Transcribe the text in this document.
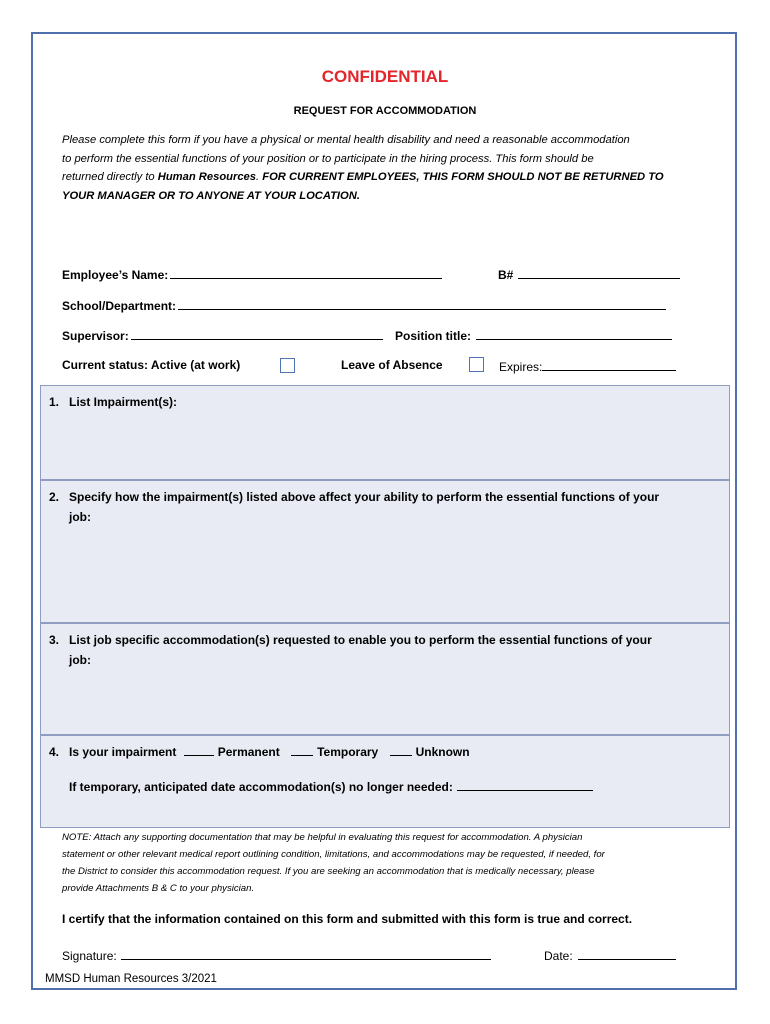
CONFIDENTIAL
REQUEST FOR ACCOMMODATION
Please complete this form if you have a physical or mental health disability and need a reasonable accommodation
to perform the essential functions of your position or to participate in the hiring process. This form should be
returned directly to Human Resources. FOR CURRENT EMPLOYEES, THIS FORM SHOULD NOT BE RETURNED TO
YOUR MANAGER OR TO ANYONE AT YOUR LOCATION.
Employee’s Name:	B#
School/Department:
Supervisor:	Position title:
Current status: Active (at work)	Leave of Absence	Expires:
1. List Impairment(s):
2. Specify how the impairment(s) listed above affect your ability to perform the essential functions of your
job:
3. List job specific accommodation(s) requested to enable you to perform the essential functions of your
job:
4. Is your impairment	Permanent	Temporary	Unknown
If temporary, anticipated date accommodation(s) no longer needed:
NOTE: Attach any supporting documentation that may be helpful in evaluating this request for accommodation. A physician
statement or other relevant medical report outlining condition, limitations, and accommodations may be requested, if needed, for
the District to consider this accommodation request. If you are seeking an accommodation that is medically necessary, please
provide Attachments B & C to your physician.
I certify that the information contained on this form and submitted with this form is true and correct.
Signature:	Date:
MMSD Human Resources 3/2021
